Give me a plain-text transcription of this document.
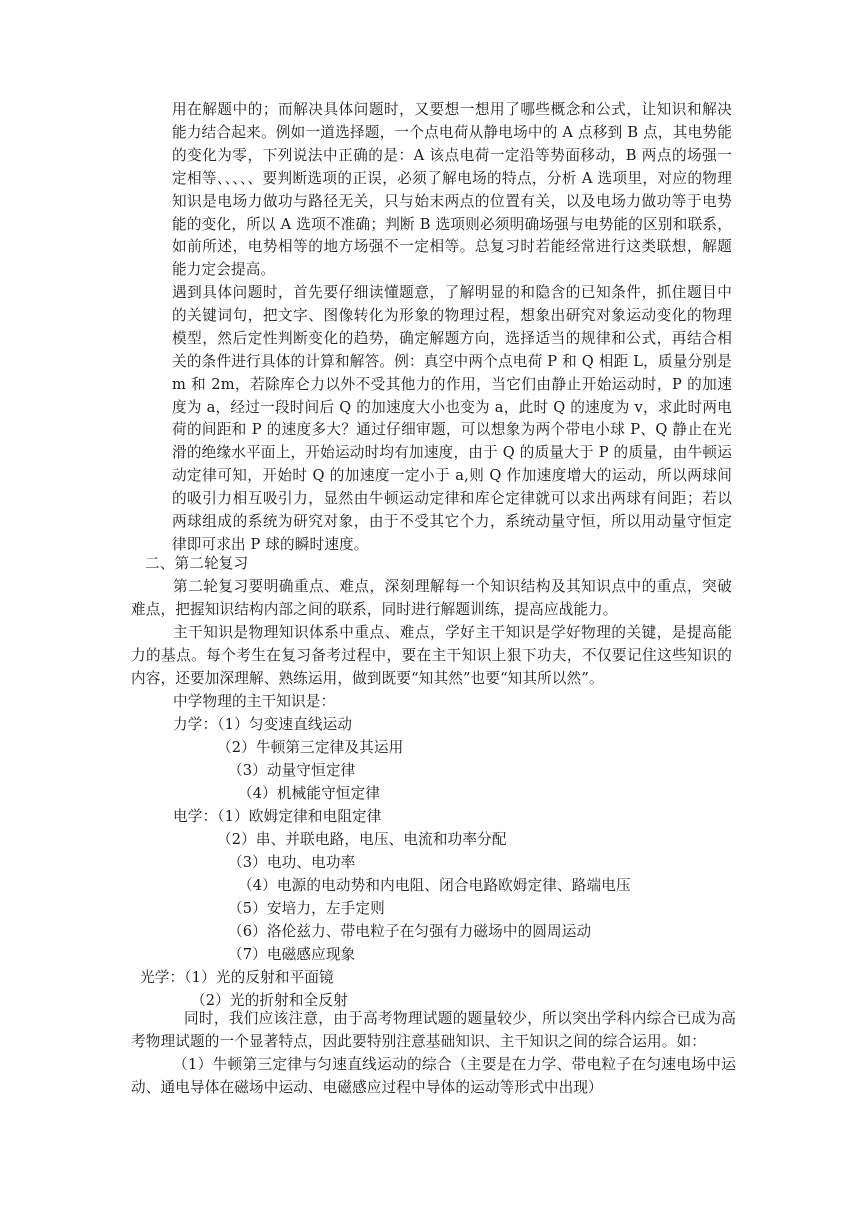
用在解题中的；而解决具体问题时，又要想一想用了哪些概念和公式，让知识和解决能力结合起来。例如一道选择题，一个点电荷从静电场中的 A 点移到 B 点，其电势能的变化为零，下列说法中正确的是：A 该点电荷一定沿等势面移动，B 两点的场强一定相等、、、、、要判断选项的正误，必须了解电场的特点，分析 A 选项里，对应的物理知识是电场力做功与路径无关，只与始末两点的位置有关，以及电场力做功等于电势能的变化，所以 A 选项不准确；判断 B 选项则必须明确场强与电势能的区别和联系，如前所述，电势相等的地方场强不一定相等。总复习时若能经常进行这类联想，解题能力定会提高。

遇到具体问题时，首先要仔细读懂题意，了解明显的和隐含的已知条件，抓住题目中的关键词句，把文字、图像转化为形象的物理过程，想象出研究对象运动变化的物理模型，然后定性判断变化的趋势，确定解题方向，选择适当的规律和公式，再结合相关的条件进行具体的计算和解答。例：真空中两个点电荷 P 和 Q 相距 L，质量分别是 m 和 2m，若除库仑力以外不受其他力的作用，当它们由静止开始运动时，P 的加速度为 a，经过一段时间后 Q 的加速度大小也变为 a，此时 Q 的速度为 v，求此时两电荷的间距和 P 的速度多大？通过仔细审题，可以想象为两个带电小球 P、Q 静止在光滑的绝缘水平面上，开始运动时均有加速度，由于 Q 的质量大于 P 的质量，由牛顿运动定律可知，开始时 Q 的加速度一定小于 a,则 Q 作加速度增大的运动，所以两球间的吸引力相互吸引力，显然由牛顿运动定律和库仑定律就可以求出两球有间距；若以两球组成的系统为研究对象，由于不受其它个力，系统动量守恒，所以用动量守恒定律即可求出 P 球的瞬时速度。

二、第二轮复习

第二轮复习要明确重点、难点，深刻理解每一个知识结构及其知识点中的重点，突破难点，把握知识结构内部之间的联系，同时进行解题训练，提高应战能力。

主干知识是物理知识体系中重点、难点，学好主干知识是学好物理的关键，是提高能力的基点。每个考生在复习备考过程中，要在主干知识上狠下功夫，不仅要记住这些知识的内容，还要加深理解、熟练运用，做到既要“知其然”也要“知其所以然”。

中学物理的主干知识是：

力学：（1）匀变速直线运动

（2）牛顿第三定律及其运用

（3）动量守恒定律

（4）机械能守恒定律

电学：（1）欧姆定律和电阻定律

（2）串、并联电路，电压、电流和功率分配

（3）电功、电功率

（4）电源的电动势和内电阻、闭合电路欧姆定律、路端电压

（5）安培力，左手定则

（6）洛伦兹力、带电粒子在匀强有力磁场中的圆周运动

（7）电磁感应现象

光学：（1）光的反射和平面镜

（2）光的折射和全反射

同时，我们应该注意，由于高考物理试题的题量较少，所以突出学科内综合已成为高考物理试题的一个显著特点，因此要特别注意基础知识、主干知识之间的综合运用。如：

（1）牛顿第三定律与匀速直线运动的综合（主要是在力学、带电粒子在匀速电场中运动、通电导体在磁场中运动、电磁感应过程中导体的运动等形式中出现）
